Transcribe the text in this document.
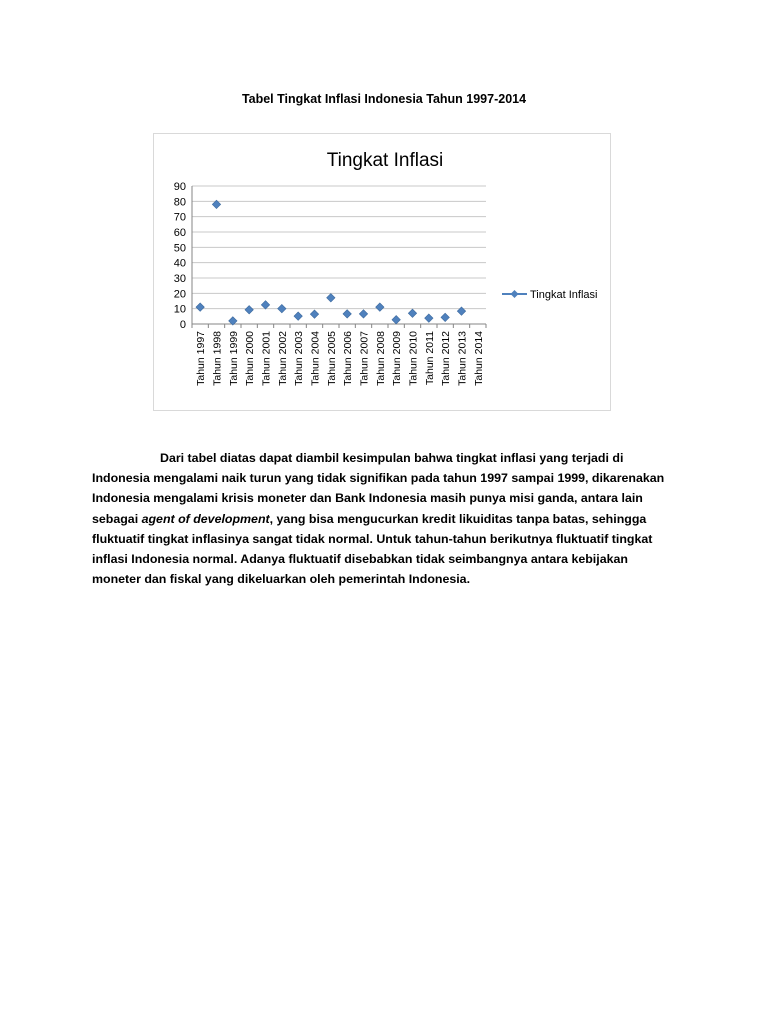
Tabel Tingkat Inflasi Indonesia Tahun 1997-2014
Tingkat Inflasi
0
10
20
30
40
50
60
70
80
90
Tahun 1997 Tahun 1998 Tahun 1999 Tahun 2000 Tahun 2001 Tahun 2002 Tahun 2003 Tahun 2004 Tahun 2005 Tahun 2006 Tahun 2007 Tahun 2008 Tahun 2009 Tahun 2010 Tahun 2011 Tahun 2012 Tahun 2013 Tahun 2014
Tingkat Inflasi

Dari tabel diatas dapat diambil kesimpulan bahwa tingkat inflasi yang terjadi di Indonesia mengalami naik turun yang tidak signifikan pada tahun 1997 sampai 1999, dikarenakan Indonesia mengalami krisis moneter dan Bank Indonesia masih punya misi ganda, antara lain sebagai agent of development, yang bisa mengucurkan kredit likuiditas tanpa batas, sehingga fluktuatif tingkat inflasinya sangat tidak normal. Untuk tahun-tahun berikutnya fluktuatif tingkat inflasi Indonesia normal. Adanya fluktuatif disebabkan tidak seimbangnya antara kebijakan moneter dan fiskal yang dikeluarkan oleh pemerintah Indonesia.
